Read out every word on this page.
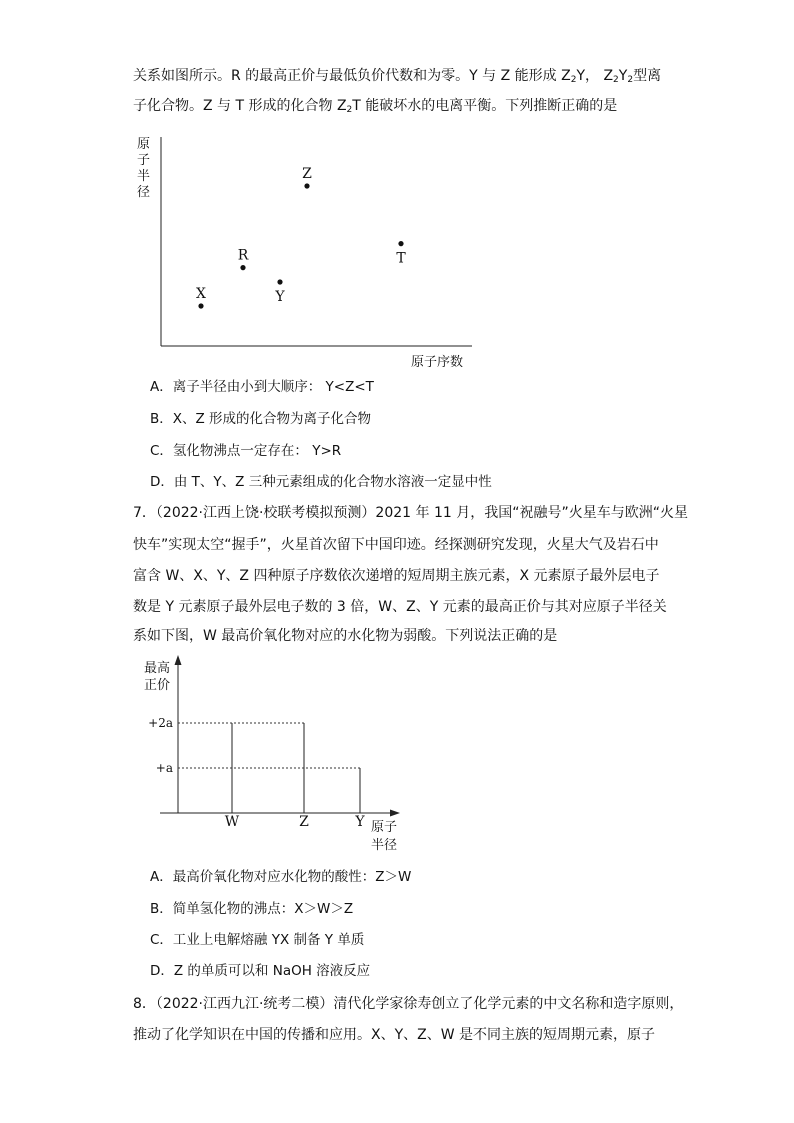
关系如图所示。R 的最高正价与最低负价代数和为零。Y 与 Z 能形成 $Z_2Y$， $Z_2Y_2$型离
子化合物。Z 与 T 形成的化合物 $Z_2T$ 能破坏水的电离平衡。下列推断正确的是
原
子
半
径
原子序数
X
R
Y
Z
T
A．离子半径由小到大顺序： Y<Z<T
B．X、Z 形成的化合物为离子化合物
C．氢化物沸点一定存在： Y>R
D．由 T、Y、Z 三种元素组成的化合物水溶液一定显中性
7．（2022·江西上饶·校联考模拟预测）2021 年 11 月，我国“祝融号”火星车与欧洲“火星
快车”实现太空“握手”，火星首次留下中国印迹。经探测研究发现，火星大气及岩石中
富含 W、X、Y、Z 四种原子序数依次递增的短周期主族元素，X 元素原子最外层电子
数是 Y 元素原子最外层电子数的 3 倍，W、Z、Y 元素的最高正价与其对应原子半径关
系如下图，W 最高价氧化物对应的水化物为弱酸。下列说法正确的是
最高
正价
原子
半径
+2a
+a
W	Z	Y
A．最高价氧化物对应水化物的酸性：Z＞W
B．简单氢化物的沸点：X＞W＞Z
C．工业上电解熔融 YX 制备 Y 单质
D．Z 的单质可以和 NaOH 溶液反应
8．（2022·江西九江·统考二模）清代化学家徐寿创立了化学元素的中文名称和造字原则，
推动了化学知识在中国的传播和应用。X、Y、Z、W 是不同主族的短周期元素，原子
